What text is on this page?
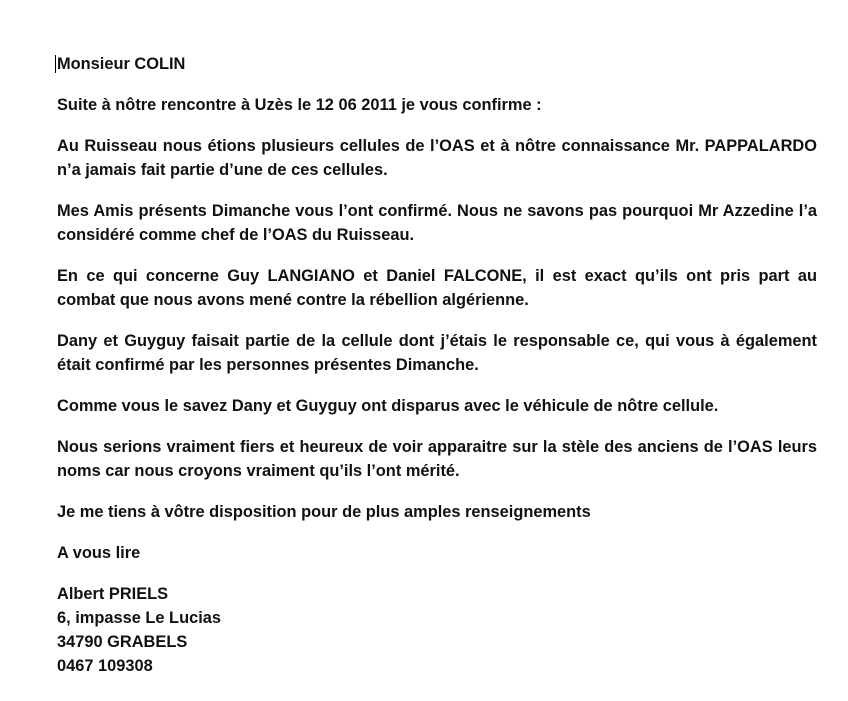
Monsieur COLIN

Suite à nôtre rencontre à Uzès le 12 06 2011 je vous confirme :

Au Ruisseau nous étions plusieurs cellules de l’OAS et à nôtre connaissance Mr. PAPPALARDO n’a jamais fait partie d’une de ces cellules.

Mes Amis présents Dimanche vous l’ont confirmé. Nous ne savons pas pourquoi Mr Azzedine l’a considéré comme chef de l’OAS du Ruisseau.

En ce qui concerne Guy LANGIANO et Daniel FALCONE, il est exact qu’ils ont pris part au combat que nous avons mené contre la rébellion algérienne.

Dany et Guyguy faisait partie de la cellule dont j’étais le responsable ce, qui vous à également était confirmé par les personnes présentes Dimanche.

Comme vous le savez Dany et Guyguy ont disparus avec le véhicule de nôtre cellule.

Nous serions vraiment fiers et heureux de voir apparaitre sur la stèle des anciens de l’OAS leurs noms car nous croyons vraiment qu’ils l’ont mérité.

Je me tiens à vôtre disposition pour de plus amples renseignements

A vous lire

Albert PRIELS
6, impasse Le Lucias
34790 GRABELS
0467 109308
